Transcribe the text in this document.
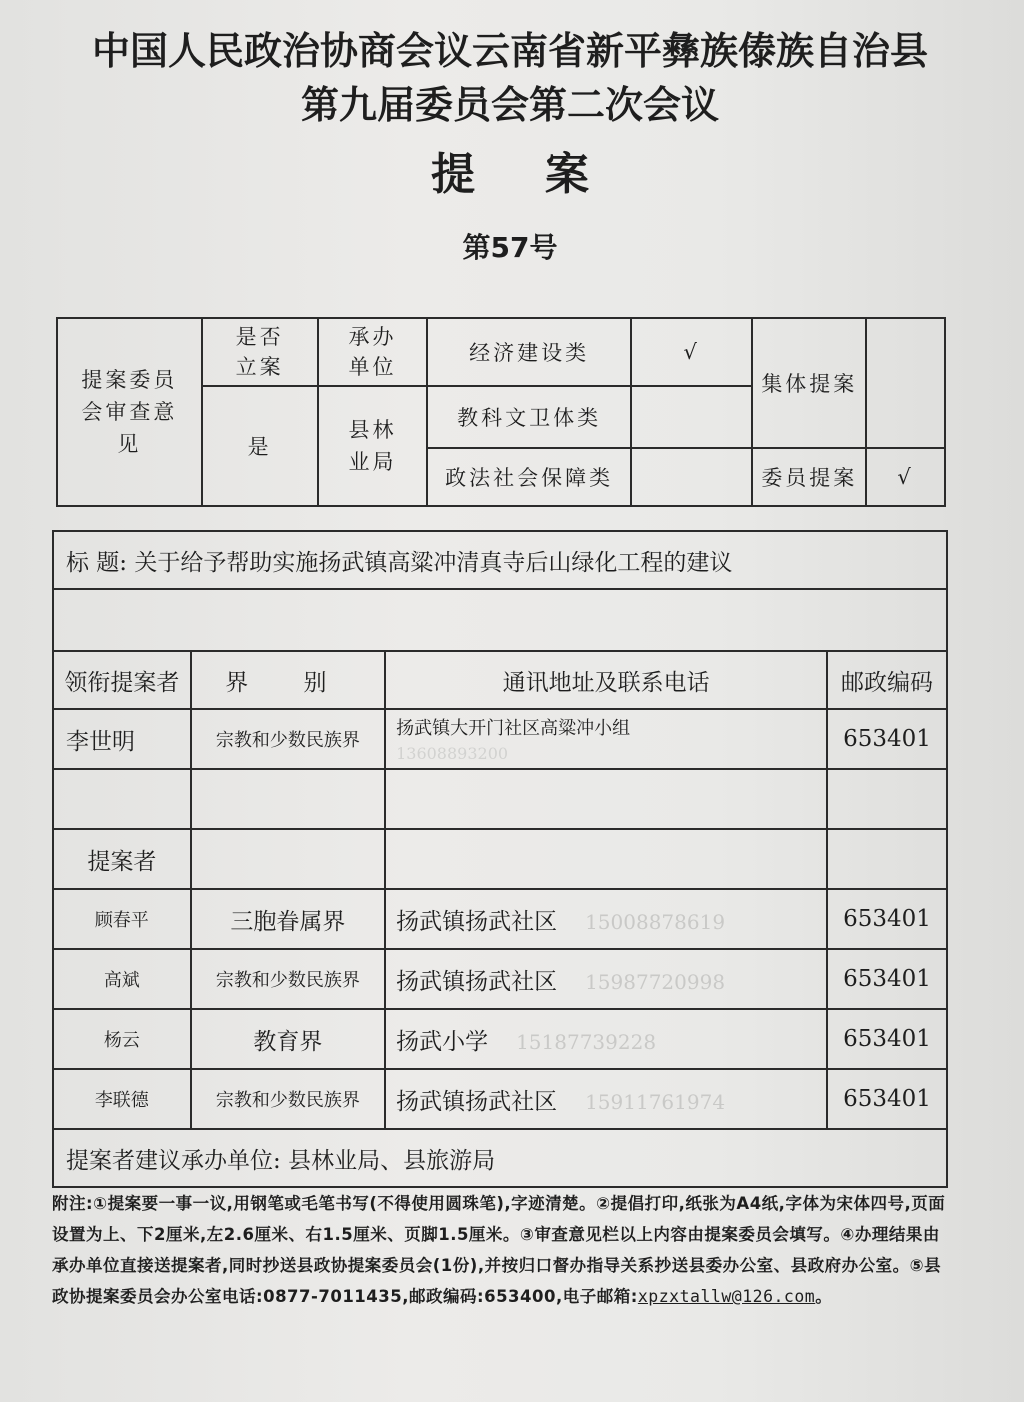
中国人民政治协商会议云南省新平彝族傣族自治县
第九届委员会第二次会议
提案
第57号
提案委员会审查意见	是否立案	承办单位	经济建设类	√	集体提案	
	是	县林业局	教科文卫体类			
			政法社会保障类		委员提案	√
标 题: 关于给予帮助实施扬武镇高粱冲清真寺后山绿化工程的建议			

领衔提案者	界 别	通讯地址及联系电话	邮政编码
李世明	宗教和少数民族界	扬武镇大开门社区高粱冲小组
13608893200	653401

提案者			
顾春平	三胞眷属界	扬武镇扬武社区 15008878619	653401
高斌	宗教和少数民族界	扬武镇扬武社区 15987720998	653401
杨云	教育界	扬武小学 15187739228	653401
李联德	宗教和少数民族界	扬武镇扬武社区 15911761974	653401
提案者建议承办单位: 县林业局、县旅游局			
附注:①提案要一事一议,用钢笔或毛笔书写(不得使用圆珠笔),字迹清楚。②提倡打印,纸张为A4纸,字体为宋体四号,页面设置为上、下2厘米,左2.6厘米、右1.5厘米、页脚1.5厘米。③审查意见栏以上内容由提案委员会填写。④办理结果由承办单位直接送提案者,同时抄送县政协提案委员会(1份),并按归口督办指导关系抄送县委办公室、县政府办公室。⑤县政协提案委员会办公室电话:0877-7011435,邮政编码:653400,电子邮箱:xpzxtallw@126.com。
